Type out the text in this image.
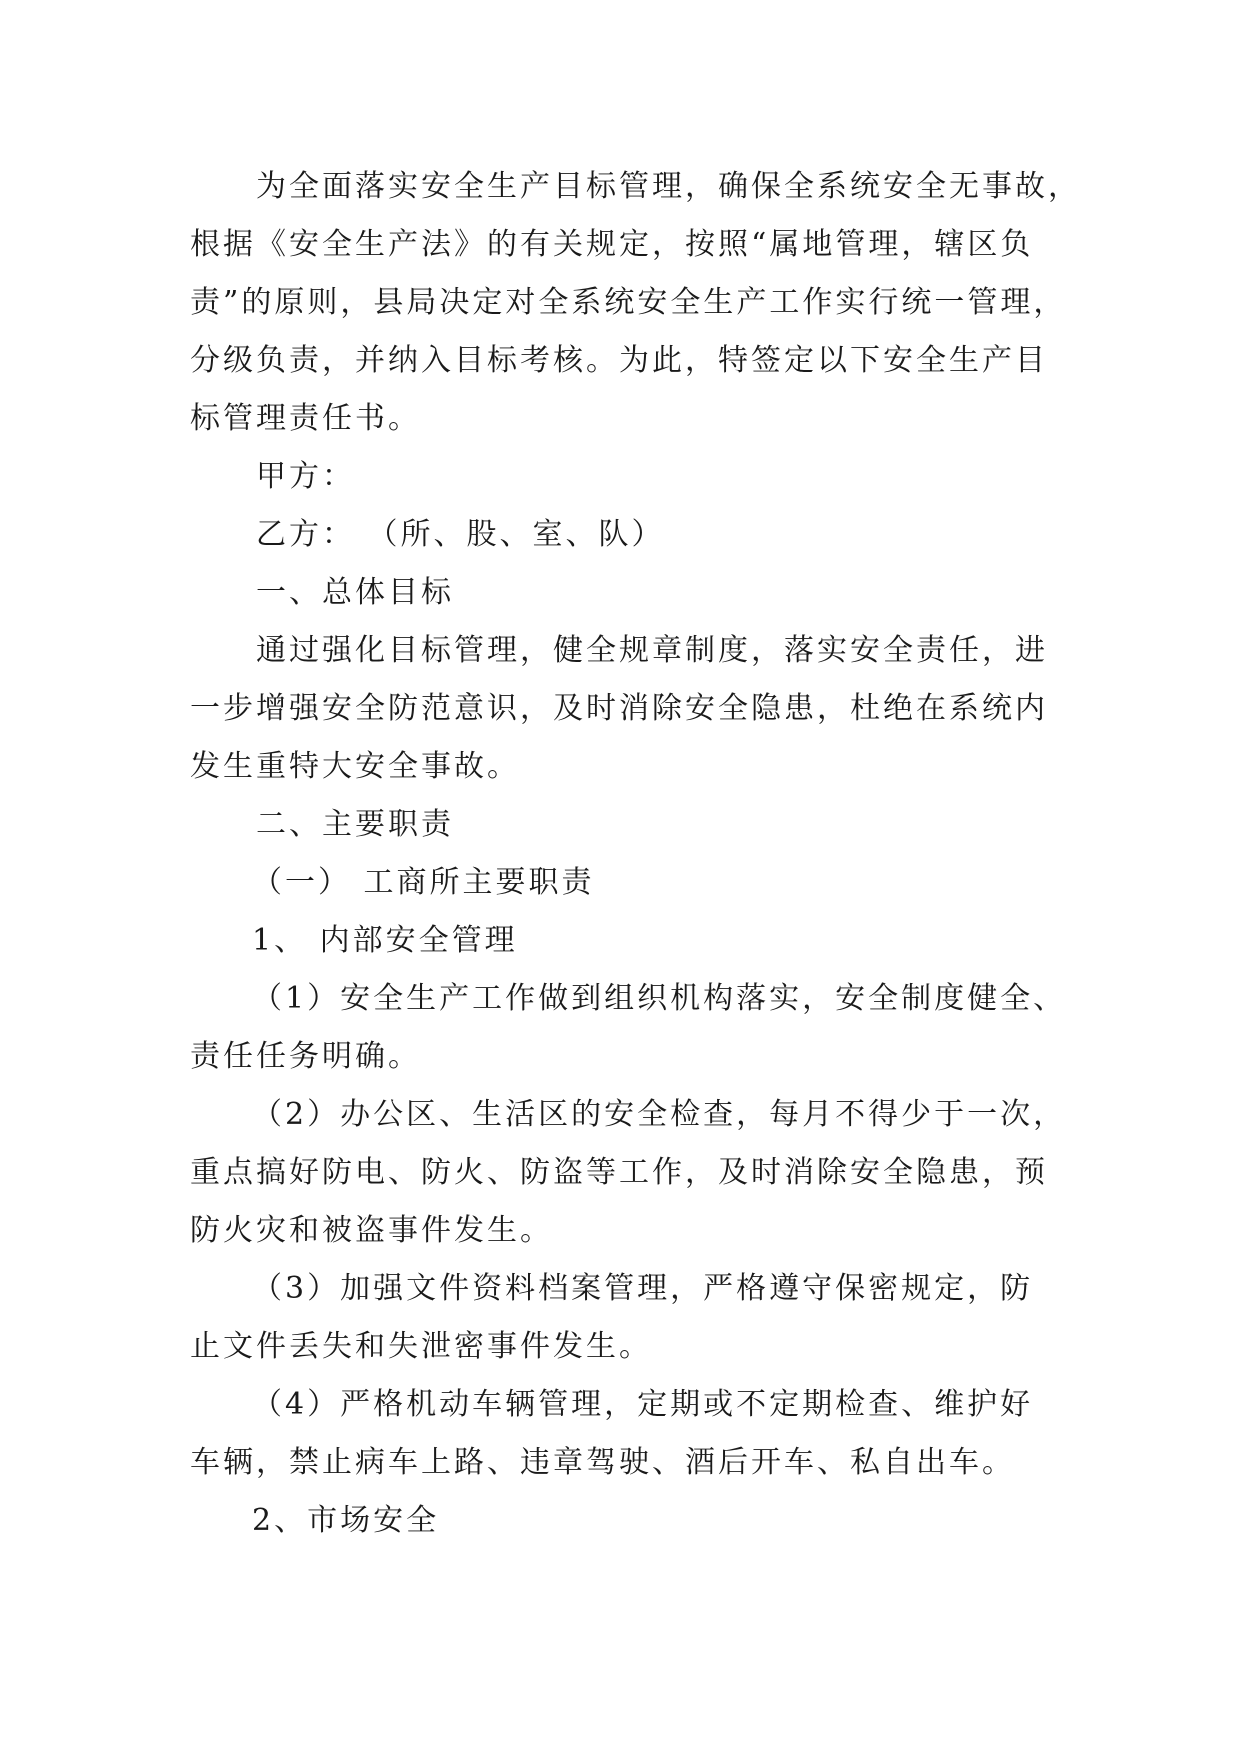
为全面落实安全生产目标管理，确保全系统安全无事故，
根据《安全生产法》的有关规定，按照“属地管理，辖区负
责”的原则，县局决定对全系统安全生产工作实行统一管理，
分级负责，并纳入目标考核。为此，特签定以下安全生产目
标管理责任书。
甲方：
乙方： （所、股、室、队）
一、总体目标
通过强化目标管理，健全规章制度，落实安全责任，进
一步增强安全防范意识，及时消除安全隐患，杜绝在系统内
发生重特大安全事故。
二、主要职责
（一） 工商所主要职责
1、 内部安全管理
（1）安全生产工作做到组织机构落实，安全制度健全、
责任任务明确。
（2）办公区、生活区的安全检查，每月不得少于一次，
重点搞好防电、防火、防盗等工作，及时消除安全隐患，预
防火灾和被盗事件发生。
（3）加强文件资料档案管理，严格遵守保密规定，防
止文件丢失和失泄密事件发生。
（4）严格机动车辆管理，定期或不定期检查、维护好
车辆，禁止病车上路、违章驾驶、酒后开车、私自出车。
2、市场安全
